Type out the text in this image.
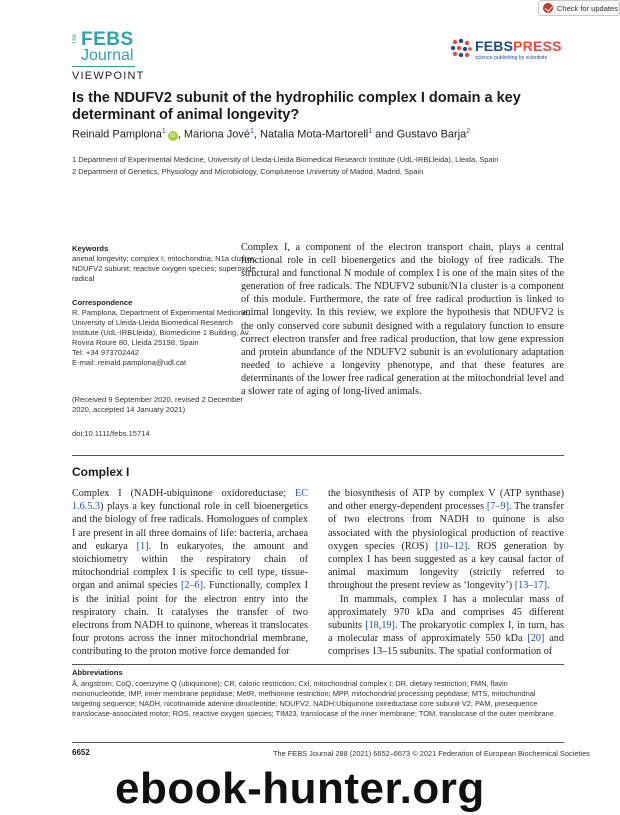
Check for updates
The FEBS
Journal
FEBSPRESS
science publishing by scientists
VIEWPOINT
Is the NDUFV2 subunit of the hydrophilic complex I domain a key determinant of animal longevity?
Reinald Pamplona$^1$iD , Mariona Jové$^1$, Natalia Mota-Martorell$^1$ and Gustavo Barja$^2$
1 Department of Experimental Medicine, University of Lleida-Lleida Biomedical Research Institute (UdL-IRBLleida), Lleida, Spain
2 Department of Genetics, Physiology and Microbiology, Complutense University of Madrid, Madrid, Spain
Keywords
animal longevity; complex I; mitochondria; N1a cluster; NDUFV2 subunit; reactive oxygen species; superoxide radical
Correspondence
R. Pamplona, Department of Experimental Medicine, University of Lleida-Lleida Biomedical Research Institute (UdL-IRBLleida), Biomedicine 1 Building, Av. Rovira Roure 80, Lleida 25198, Spain
Tel: +34 973702442
E-mail: reinald.pamplona@udl.cat
(Received 9 September 2020, revised 2 December 2020, accepted 14 January 2021)
doi:10.1111/febs.15714
Complex I, a component of the electron transport chain, plays a central functional role in cell bioenergetics and the biology of free radicals. The structural and functional N module of complex I is one of the main sites of the generation of free radicals. The NDUFV2 subunit/N1a cluster is a component of this module. Furthermore, the rate of free radical production is linked to animal longevity. In this review, we explore the hypothesis that NDUFV2 is the only conserved core subunit designed with a regulatory function to ensure correct electron transfer and free radical production, that low gene expression and protein abundance of the NDUFV2 subunit is an evolutionary adaptation needed to achieve a longevity phenotype, and that these features are determinants of the lower free radical generation at the mitochondrial level and a slower rate of aging of long-lived animals.
Complex I

Complex I (NADH-ubiquinone oxidoreductase; EC 1.6.5.3) plays a key functional role in cell bioenergetics and the biology of free radicals. Homologues of complex I are present in all three domains of life: bacteria, archaea and eukarya [1]. In eukaryotes, the amount and stoichiometry within the respiratory chain of mitochondrial complex I is specific to cell type, tissue-organ and animal species [2–6]. Functionally, complex I is the initial point for the electron entry into the respiratory chain. It catalyses the transfer of two electrons from NADH to quinone, whereas it translocates four protons across the inner mitochondrial membrane, contributing to the proton motive force demanded for

the biosynthesis of ATP by complex V (ATP synthase) and other energy-dependent processes [7–9]. The transfer of two electrons from NADH to quinone is also associated with the physiological production of reactive oxygen species (ROS) [10–12]. ROS generation by complex I has been suggested as a key causal factor of animal maximum longevity (strictly referred to throughout the present review as ‘longevity’) [13–17].

In mammals, complex I has a molecular mass of approximately 970 kDa and comprises 45 different subunits [18,19]. The prokaryotic complex I, in turn, has a molecular mass of approximately 550 kDa [20] and comprises 13–15 subunits. The spatial conformation of

Abbreviations
Å, angstrom; CoQ, coenzyme Q (ubiquinone); CR, caloric restriction; CxI, mitochondrial complex I; DR, dietary restriction; FMN, flavin mononucleotide; IMP, inner membrane peptidase; MetR, methionine restriction; MPP, mitochondrial processing peptidase; MTS, mitochondrial targeting sequence; NADH, nicotinamide adenine dinucleotide; NDUFV2, NADH:Ubiquinone oxireductase core subunit V2; PAM, presequence translocase-associated motor; ROS, reactive oxygen species; TIM23, translocase of the inner membrane; TOM, translocase of the outer membrane.
6652	The FEBS Journal 288 (2021) 6652–6673 © 2021 Federation of European Biochemical Societies
ebook-hunter.org
